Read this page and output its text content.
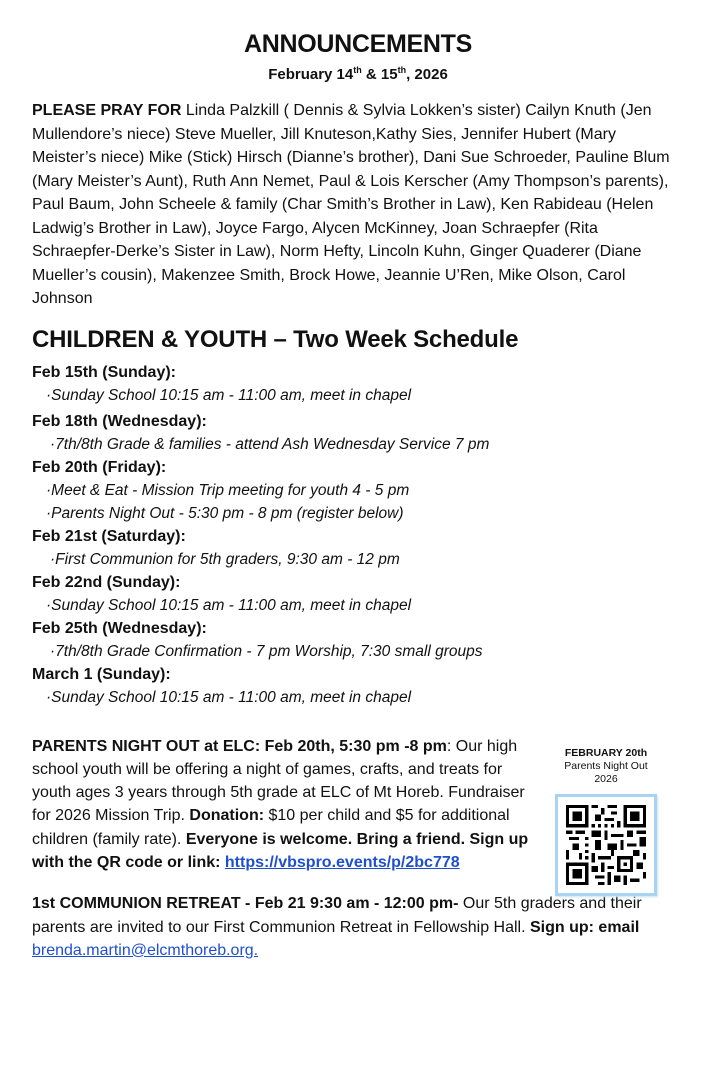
ANNOUNCEMENTS

February 14th & 15th, 2026

PLEASE PRAY FOR Linda Palzkill ( Dennis & Sylvia Lokken’s sister) Cailyn Knuth (Jen Mullendore’s niece) Steve Mueller, Jill Knuteson,Kathy Sies, Jennifer Hubert (Mary Meister’s niece) Mike (Stick) Hirsch (Dianne’s brother), Dani Sue Schroeder, Pauline Blum (Mary Meister’s Aunt), Ruth Ann Nemet, Paul & Lois Kerscher (Amy Thompson’s parents), Paul Baum, John Scheele & family (Char Smith’s Brother in Law), Ken Rabideau (Helen Ladwig’s Brother in Law), Joyce Fargo, Alycen McKinney, Joan Schraepfer (Rita Schraepfer-Derke’s Sister in Law), Norm Hefty, Lincoln Kuhn, Ginger Quaderer (Diane Mueller’s cousin), Makenzee Smith, Brock Howe, Jeannie U’Ren, Mike Olson, Carol Johnson

CHILDREN & YOUTH – Two Week Schedule

Feb 15th (Sunday):

·Sunday School 10:15 am - 11:00 am, meet in chapel

Feb 18th (Wednesday):

·7th/8th Grade & families - attend Ash Wednesday Service 7 pm

Feb 20th (Friday):

·Meet & Eat - Mission Trip meeting for youth 4 - 5 pm

·Parents Night Out - 5:30 pm - 8 pm (register below)

Feb 21st (Saturday):

·First Communion for 5th graders, 9:30 am - 12 pm

Feb 22nd (Sunday):

·Sunday School 10:15 am - 11:00 am, meet in chapel

Feb 25th (Wednesday):

·7th/8th Grade Confirmation - 7 pm Worship, 7:30 small groups

March 1 (Sunday):

·Sunday School 10:15 am - 11:00 am, meet in chapel

PARENTS NIGHT OUT at ELC: Feb 20th, 5:30 pm -8 pm: Our high school youth will be offering a night of games, crafts, and treats for youth ages 3 years through 5th grade at ELC of Mt Horeb. Fundraiser for 2026 Mission Trip. Donation: $10 per child and $5 for additional children (family rate). Everyone is welcome. Bring a friend. Sign up with the QR code or link: https://vbspro.events/p/2bc778

FEBRUARY 20th
Parents Night Out
2026

1st COMMUNION RETREAT - Feb 21 9:30 am - 12:00 pm- Our 5th graders and their parents are invited to our First Communion Retreat in Fellowship Hall. Sign up: email brenda.martin@elcmthoreb.org.
